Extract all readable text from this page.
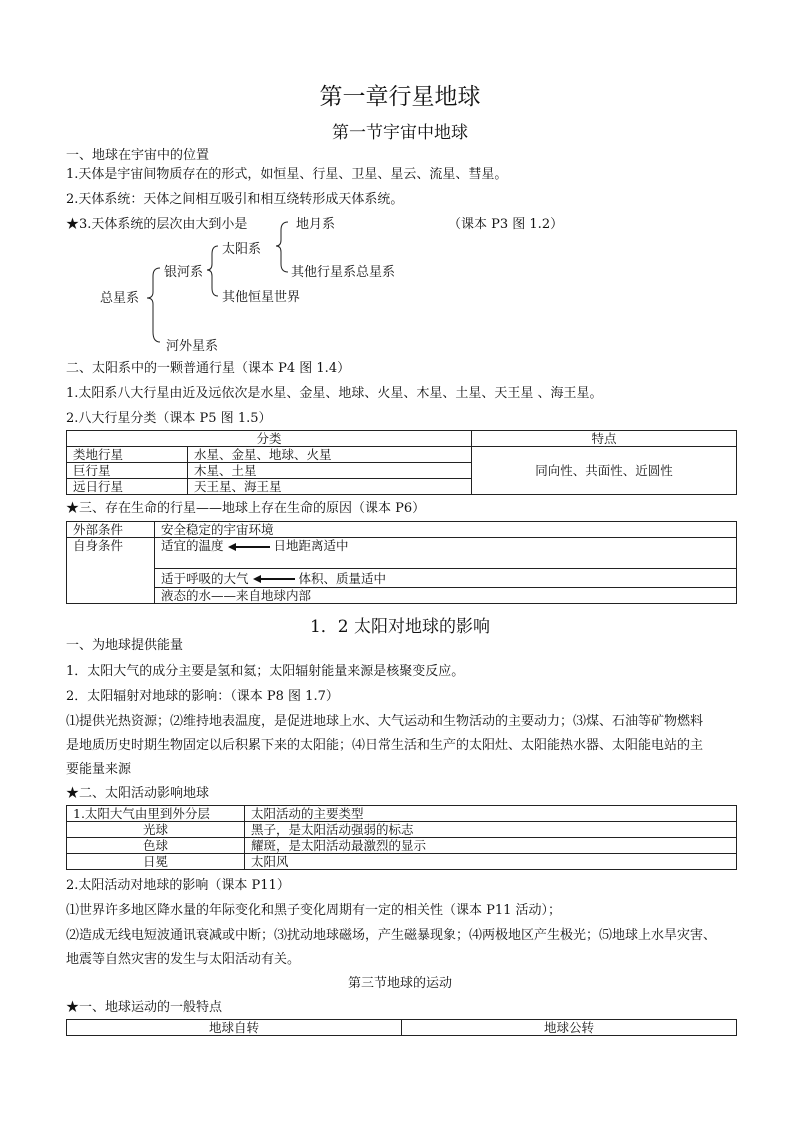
第一章行星地球
第一节宇宙中地球
一、地球在宇宙中的位置
1.天体是宇宙间物质存在的形式，如恒星、行星、卫星、星云、流星、彗星。
2.天体系统：天体之间相互吸引和相互绕转形成天体系统。
★3.天体系统的层次由大到小是	（课本 P3 图 1.2）
地月系
太阳系
其他行星系总星系
银河系
其他恒星世界
总星系
河外星系
二、太阳系中的一颗普通行星（课本 P4 图 1.4）
1.太阳系八大行星由近及远依次是水星、金星、地球、火星、木星、土星、天王星 、海王星。
2.八大行星分类（课本 P5 图 1.5）
分类		特点
类地行星	水星、金星、地球、火星	同向性、共面性、近圆性
巨行星	木星、土星	
远日行星	天王星、海王星	
★三、存在生命的行星——地球上存在生命的原因（课本 P6）
外部条件	安全稳定的宇宙环境
自身条件	适宜的温度 日地距离适中
	适于呼吸的大气 体积、质量适中
	液态的水——来自地球内部
1．2 太阳对地球的影响
一、为地球提供能量
1．太阳大气的成分主要是氢和氦；太阳辐射能量来源是核聚变反应。
2．太阳辐射对地球的影响：（课本 P8 图 1.7）
⑴提供光热资源；⑵维持地表温度，是促进地球上水、大气运动和生物活动的主要动力；⑶煤、石油等矿物燃料
是地质历史时期生物固定以后积累下来的太阳能；⑷日常生活和生产的太阳灶、太阳能热水器、太阳能电站的主
要能量来源
★二、太阳活动影响地球
1.太阳大气由里到外分层	太阳活动的主要类型
光球	黑子，是太阳活动强弱的标志
色球	耀斑，是太阳活动最激烈的显示
日冕	太阳风
2.太阳活动对地球的影响（课本 P11）
⑴世界许多地区降水量的年际变化和黑子变化周期有一定的相关性（课本 P11 活动）；
⑵造成无线电短波通讯衰减或中断；⑶扰动地球磁场，产生磁暴现象；⑷两极地区产生极光；⑸地球上水旱灾害、
地震等自然灾害的发生与太阳活动有关。
第三节地球的运动
★一、地球运动的一般特点
地球自转	地球公转
